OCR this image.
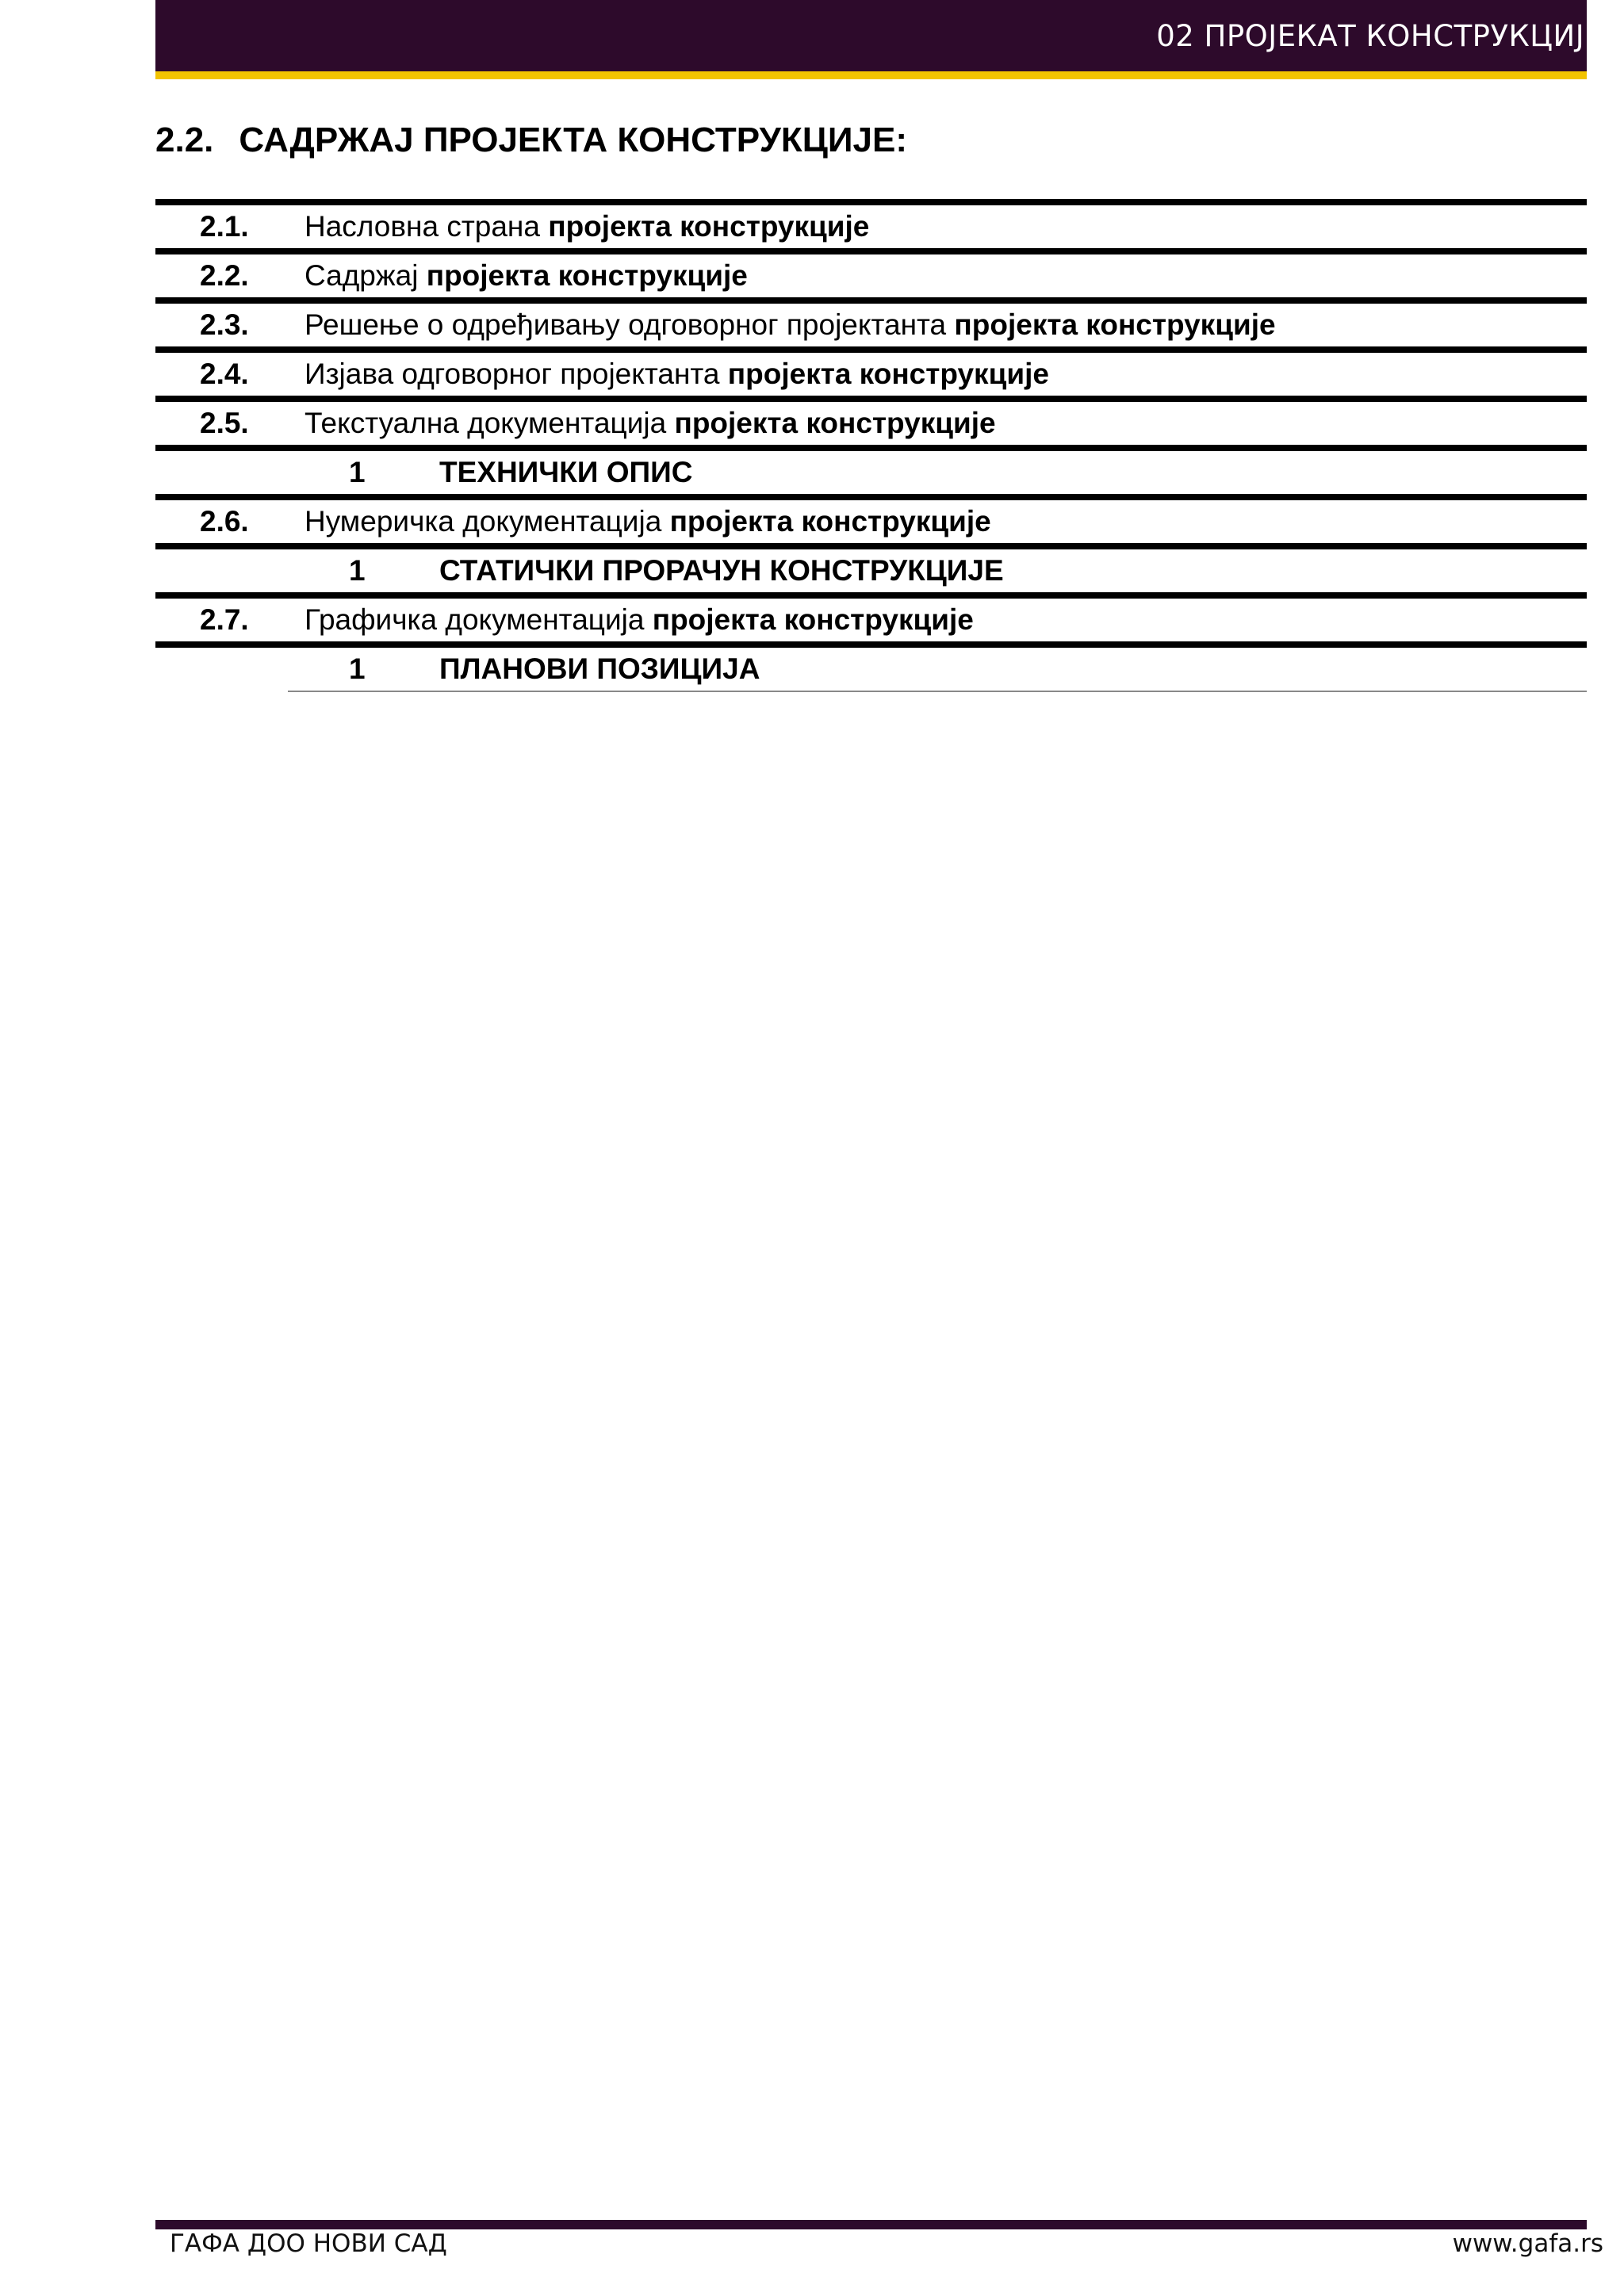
02 ПРОЈЕКАТ КОНСТРУКЦИЈЕ
2.2. САДРЖАЈ ПРОЈЕКТА КОНСТРУКЦИЈЕ:
2.1. Насловна страна пројекта конструкције
2.2. Садржај пројекта конструкције
2.3. Решење о одређивању одговорног пројектанта пројекта конструкције
2.4. Изјава одговорног пројектанта пројекта конструкције
2.5. Текстуална документација пројекта конструкције
1	ТЕХНИЧКИ ОПИС
2.6. Нумеричка документација пројекта конструкције
1	СТАТИЧКИ ПРОРАЧУН КОНСТРУКЦИЈЕ
2.7. Графичка документација пројекта конструкције
1	ПЛАНОВИ ПОЗИЦИЈА
ГАФА ДОО НОВИ САД	www.gafa.rs
